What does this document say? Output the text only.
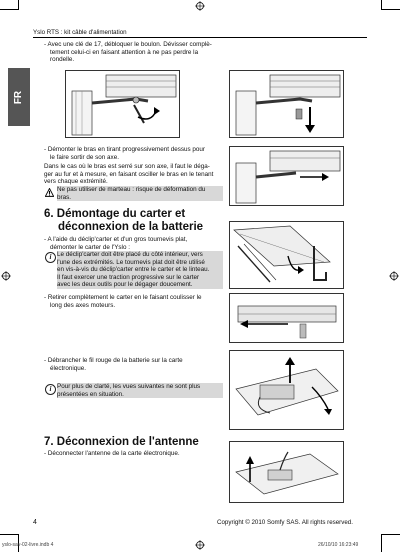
Yslo RTS : kit câble d'alimentation
FR
- Avec une clé de 17, débloquer le boulon. Dévisser complè-
tement celui-ci en faisant attention à ne pas perdre la
rondelle.
- Démonter le bras en tirant progressivement dessus pour
le faire sortir de son axe.
Dans le cas où le bras est serré sur son axe, il faut le déga-
ger au fur et à mesure, en faisant osciller le bras en le tenant
vers chaque extrémité.
Ne pas utiliser de marteau : risque de déformation du
bras.
6. Démontage du carter et
déconnexion de la batterie
- A l'aide du déclip'carter et d'un gros tournevis plat,
démonter le carter de l'Yslo :
i Le déclip'carter doit être placé du côté intérieur, vers
l'une des extrémités. Le tournevis plat doit être utilisé
en vis-à-vis du déclip'carter entre le carter et le linteau.
Il faut exercer une traction progressive sur le carter
avec les deux outils pour le dégager doucement.
- Retirer complètement le carter en le faisant coulisser le
long des axes moteurs.
- Débrancher le fil rouge de la batterie sur la carte
électronique.
i Pour plus de clarté, les vues suivantes ne sont plus
présentées en situation.
7. Déconnexion de l'antenne
- Déconnecter l'antenne de la carte électronique.
4	Copyright © 2010 Somfy SAS. All rights reserved.
yslo-sav-02-livre.indb 4	26/10/10 16:23:49
